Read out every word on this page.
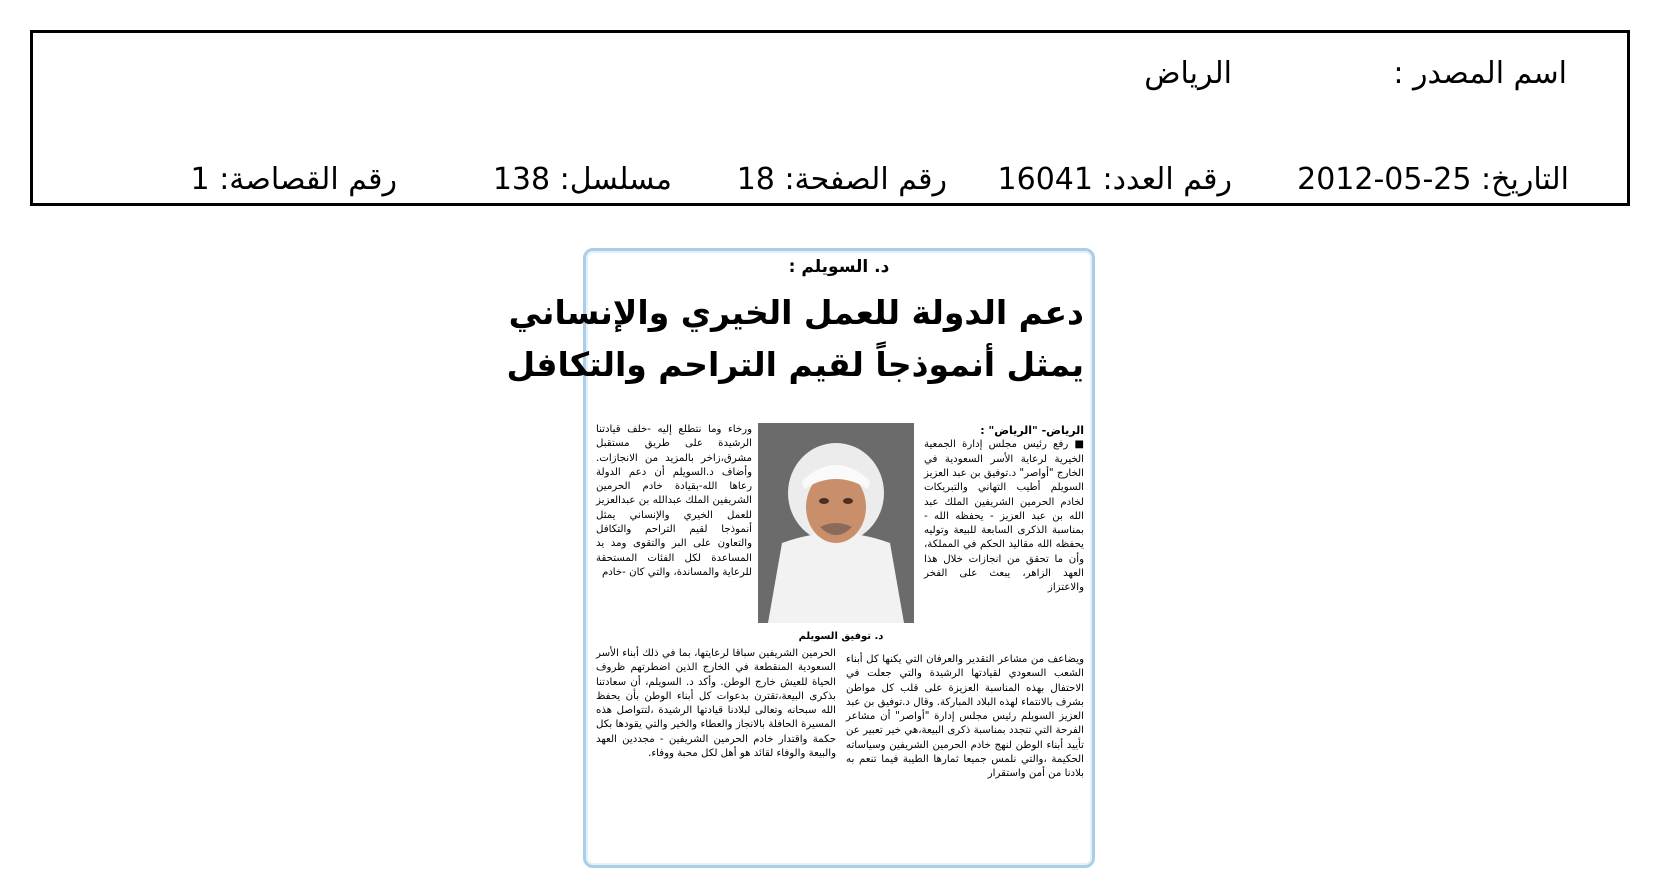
اسم المصدر :
الرياض
التاريخ: 2012-05-25
رقم العدد: 16041
رقم الصفحة: 18
مسلسل: 138
رقم القصاصة: 1
د. السويلم :
دعم الدولة للعمل الخيري والإنساني
يمثل أنموذجاً لقيم التراحم والتكافل
الرياض- "الرياض" :
■ رفع رئيس مجلس إدارة الجمعية الخيرية لرعاية الأسر السعودية في الخارج "أواصر" د.توفيق بن عبد العزيز السويلم أطيب التهاني والتبريكات لخادم الحرمين الشريفين الملك عبد الله بن عبد العزيز - يحفظه الله - بمناسبة الذكرى السابعة للبيعة وتوليه يحفظه الله مقاليد الحكم في المملكة، وأن ما تحقق من انجازات خلال هذا العهد الزاهر، يبعث على الفخر والاعتزاز
د. توفيق السويلم
ويضاعف من مشاعر التقدير والعرفان التي يكنها كل أبناء الشعب السعودي لقيادتها الرشيدة والتي جعلت في الاحتفال بهذه المناسبة العزيزة على قلب كل مواطن بشرف بالانتماء لهذه البلاد المباركة. وقال د.توفيق بن عبد العزيز السويلم رئيس مجلس إدارة "أواصر" أن مشاعر الفرحة التي تتجدد بمناسبة ذكرى البيعة،هي خير تعبير عن تأييد أبناء الوطن لنهج خادم الحرمين الشريفين وسياساته الحكيمة ،والتي نلمس جميعا ثمارها الطيبة فيما تنعم به بلادنا من أمن واستقرار
ورخاء وما نتطلع إليه -خلف قيادتنا الرشيدة على طريق مستقبل مشرق،زاخر بالمزيد من الانجازات. وأضاف د.السويلم أن دعم الدولة رعاها الله-بقيادة خادم الحرمين الشريفين الملك عبدالله بن عبدالعزيز للعمل الخيري والإنساني يمثل أنموذجا لقيم التراحم والتكافل والتعاون على البر والتقوى ومد يد المساعدة لكل الفئات المستحقة للرعاية والمساندة، والتي كان -خادم
الحرمين الشريفين سباقا لرعايتها، بما في ذلك أبناء الأسر السعودية المنقطعة في الخارج الذين اضطرتهم ظروف الحياة للعيش خارج الوطن. وأكد د. السويلم، أن سعادتنا بذكرى البيعة،تقترن بدعوات كل أبناء الوطن بأن يحفظ الله سبحانه وتعالى لبلادنا قيادتها الرشيدة ،لتتواصل هذه المسيرة الحافلة بالانجاز والعطاء والخير والتي يقودها بكل حكمة واقتدار خادم الحرمين الشريفين - مجددين العهد والبيعة والوفاء لقائد هو أهل لكل محبة ووفاء.
